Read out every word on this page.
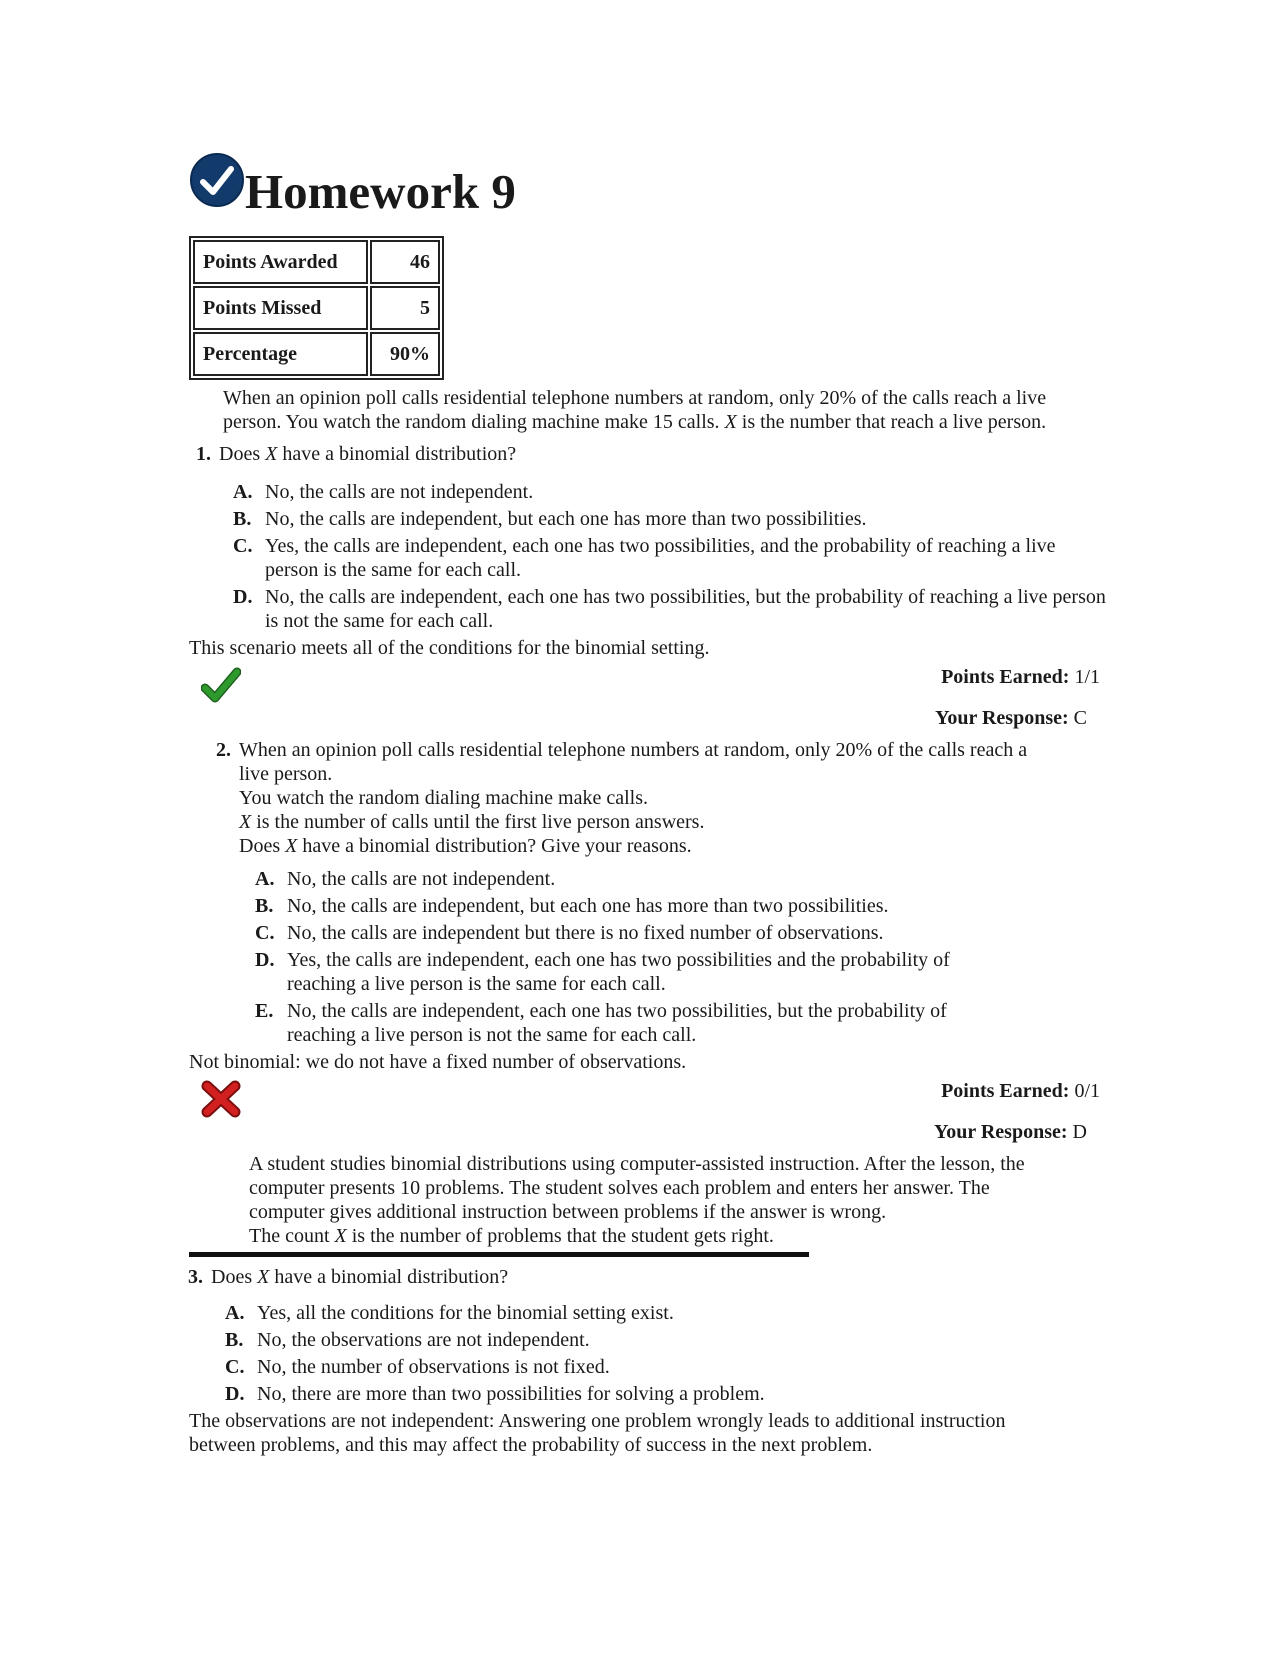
Homework 9
Points Awarded	46
Points Missed	5
Percentage	90%

When an opinion poll calls residential telephone numbers at random, only 20% of the calls reach a live person. You watch the random dialing machine make 15 calls. X is the number that reach a live person.

1. Does X have a binomial distribution?
A. No, the calls are not independent.
B. No, the calls are independent, but each one has more than two possibilities.
C. Yes, the calls are independent, each one has two possibilities, and the probability of reaching a live person is the same for each call.
D. No, the calls are independent, each one has two possibilities, but the probability of reaching a live person is not the same for each call.

This scenario meets all of the conditions for the binomial setting.

Points Earned: 1/1

Your Response: C

2. When an opinion poll calls residential telephone numbers at random, only 20% of the calls reach a live person.
You watch the random dialing machine make calls.
X is the number of calls until the first live person answers.
Does X have a binomial distribution? Give your reasons.
A. No, the calls are not independent.
B. No, the calls are independent, but each one has more than two possibilities.
C. No, the calls are independent but there is no fixed number of observations.
D. Yes, the calls are independent, each one has two possibilities and the probability of reaching a live person is the same for each call.
E. No, the calls are independent, each one has two possibilities, but the probability of reaching a live person is not the same for each call.

Not binomial: we do not have a fixed number of observations.

Points Earned: 0/1

Your Response: D

A student studies binomial distributions using computer-assisted instruction. After the lesson, the computer presents 10 problems. The student solves each problem and enters her answer. The computer gives additional instruction between problems if the answer is wrong.
The count X is the number of problems that the student gets right.

3. Does X have a binomial distribution?
A. Yes, all the conditions for the binomial setting exist.
B. No, the observations are not independent.
C. No, the number of observations is not fixed.
D. No, there are more than two possibilities for solving a problem.

The observations are not independent: Answering one problem wrongly leads to additional instruction between problems, and this may affect the probability of success in the next problem.
